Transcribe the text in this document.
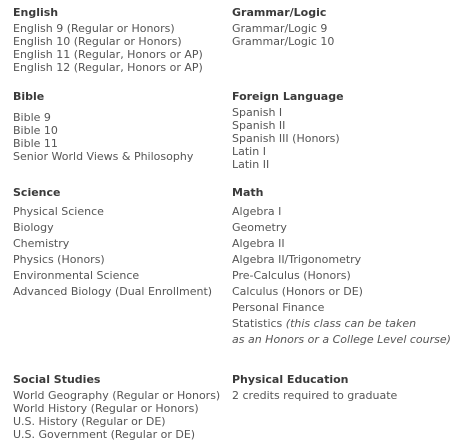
English
English 9 (Regular or Honors)
English 10 (Regular or Honors)
English 11 (Regular, Honors or AP)
English 12 (Regular, Honors or AP)
Grammar/Logic
Grammar/Logic 9
Grammar/Logic 10
Bible
Bible 9
Bible 10
Bible 11
Senior World Views & Philosophy
Foreign Language
Spanish I
Spanish II
Spanish III (Honors)
Latin I
Latin II
Science
Physical Science
Biology
Chemistry
Physics (Honors)
Environmental Science
Advanced Biology (Dual Enrollment)
Math
Algebra I
Geometry
Algebra II
Algebra II/Trigonometry
Pre-Calculus (Honors)
Calculus (Honors or DE)
Personal Finance
Statistics (this class can be taken
as an Honors or a College Level course)
Social Studies
World Geography (Regular or Honors)
World History (Regular or Honors)
U.S. History (Regular or DE)
U.S. Government (Regular or DE)
Physical Education
2 credits required to graduate
